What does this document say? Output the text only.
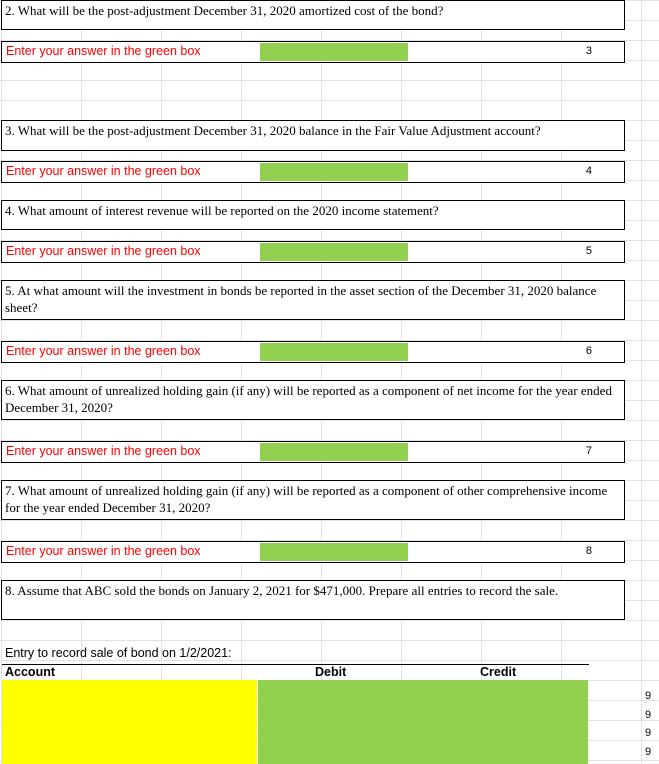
2. What will be the post-adjustment December 31, 2020 amortized cost of the bond?
Enter your answer in the green box	3
3. What will be the post-adjustment December 31, 2020 balance in the Fair Value Adjustment account?
Enter your answer in the green box	4
4. What amount of interest revenue will be reported on the 2020 income statement?
Enter your answer in the green box	5
5. At what amount will the investment in bonds be reported in the asset section of the December 31, 2020 balance sheet?
Enter your answer in the green box	6
6. What amount of unrealized holding gain (if any) will be reported as a component of net income for the year ended December 31, 2020?
Enter your answer in the green box	7
7. What amount of unrealized holding gain (if any) will be reported as a component of other comprehensive income for the year ended December 31, 2020?
Enter your answer in the green box	8
8. Assume that ABC sold the bonds on January 2, 2021 for $471,000. Prepare all entries to record the sale.
Entry to record sale of bond on 1/2/2021:
Account	Debit	Credit
9
9
9
9
